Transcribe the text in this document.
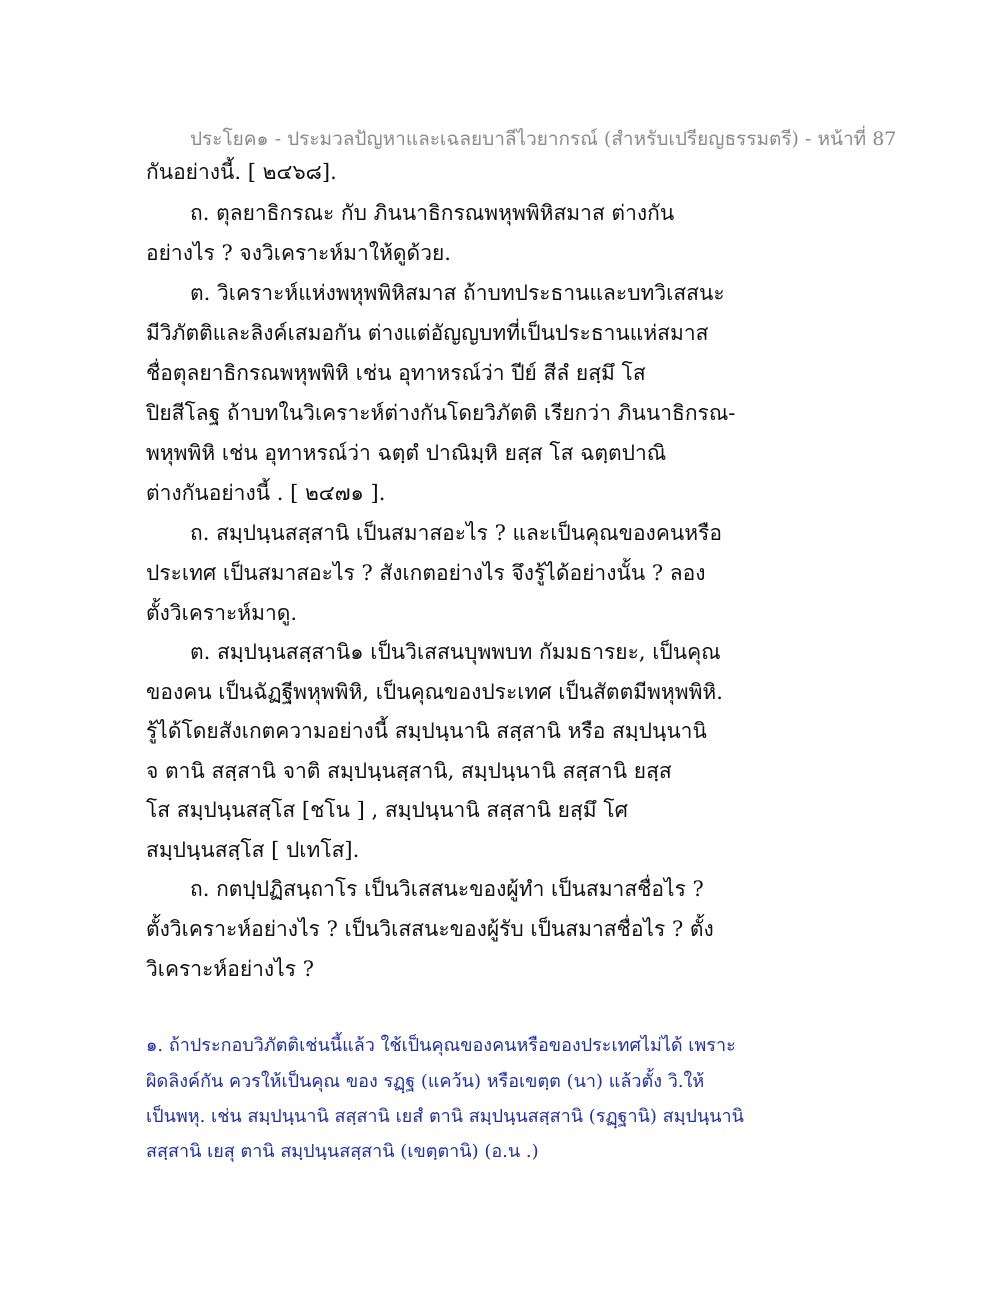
ประโยค๑ - ประมวลปัญหาและเฉลยบาลีไวยากรณ์ (สำหรับเปรียญธรรมตรี) - หน้าที่ 87
กันอย่างนี้. [ ๒๔๖๘].
ถ. ตุลยาธิกรณะ กับ ภินนาธิกรณพหุพพิหิสมาส ต่างกัน
อย่างไร ? จงวิเคราะห์มาให้ดูด้วย.
ต. วิเคราะห์แห่งพหุพพิหิสมาส ถ้าบทประธานและบทวิเสสนะ
มีวิภัตติและลิงค์เสมอกัน ต่างแต่อัญญบทที่เป็นประธานแห่สมาส
ชื่อตุลยาธิกรณพหุพพิหิ เช่น อุทาหรณ์ว่า ปีย์ สีลํ ยสฺมึ โส
ปิยสีโลฐ ถ้าบทในวิเคราะห์ต่างกันโดยวิภัตติ เรียกว่า ภินนาธิกรณ-
พหุพพิหิ เช่น อุทาหรณ์ว่า ฉตฺตํ ปาณิมฺหิ ยสฺส โส ฉตฺตปาณิ
ต่างกันอย่างนี้ . [ ๒๔๗๑ ].
ถ. สมฺปนฺนสสฺสานิ เป็นสมาสอะไร ? และเป็นคุณของคนหรือ
ประเทศ เป็นสมาสอะไร ? สังเกตอย่างไร จึงรู้ได้อย่างนั้น ? ลอง
ตั้งวิเคราะห์มาดู.
ต. สมฺปนฺนสสฺสานิ๑ เป็นวิเสสนบุพพบท กัมมธารยะ, เป็นคุณ
ของคน เป็นฉัฏฐีพหุพพิหิ, เป็นคุณของประเทศ เป็นสัตตมีพหุพพิหิ.
รู้ได้โดยสังเกตความอย่างนี้ สมฺปนฺนานิ สสฺสานิ หรือ สมฺปนฺนานิ
จ ตานิ สสฺสานิ จาติ สมฺปนฺนสฺสานิ, สมฺปนฺนานิ สสฺสานิ ยสฺส
โส สมฺปนฺนสสฺโส [ชโน ] , สมฺปนฺนานิ สสฺสานิ ยสฺมึ โศ
สมฺปนฺนสสฺโส [ ปเทโส].
ถ. กตปฺปฏิสนฺถาโร เป็นวิเสสนะของผู้ทำ เป็นสมาสชื่อไร ?
ตั้งวิเคราะห์อย่างไร ? เป็นวิเสสนะของผู้รับ เป็นสมาสชื่อไร ? ตั้ง
วิเคราะห์อย่างไร ?
๑. ถ้าประกอบวิภัตติเช่นนี้แล้ว ใช้เป็นคุณของคนหรือของประเทศไม่ได้ เพราะ
ผิดลิงค์กัน ควรให้เป็นคุณ ของ รฏฺฐ (แคว้น) หรือเขตฺต (นา) แล้วตั้ง วิ.ให้
เป็นพหุ. เช่น สมฺปนฺนานิ สสฺสานิ เยสํ ตานิ สมฺปนฺนสสฺสานิ (รฏฺฐานิ) สมฺปนฺนานิ
สสฺสานิ เยสุ ตานิ สมฺปนฺนสสฺสานิ (เขตฺตานิ) (อ.น .)
